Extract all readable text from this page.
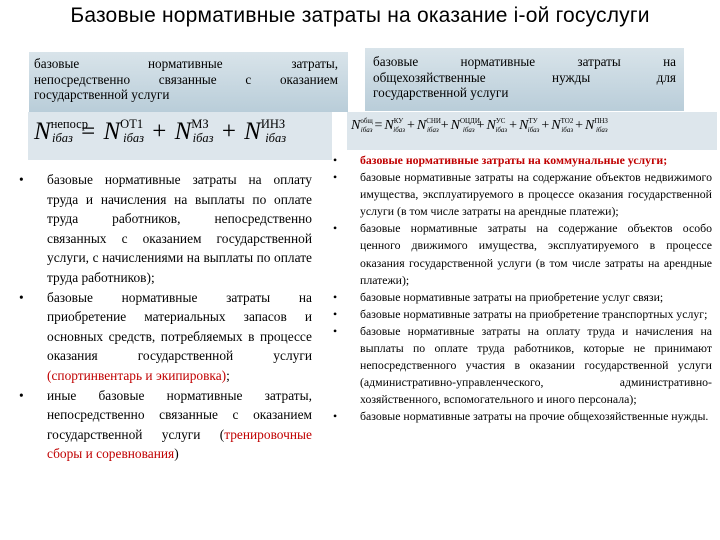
Базовые нормативные затраты на оказание i-ой госуслуги
базовые нормативные затраты,
непосредственно связанные с оказанием
государственной услуги
базовые нормативные затраты на
общехозяйственные нужды для
государственной услуги
$N^{непоср}iбаз$ = $N^{ОТ1}iбаз$ + $N^{МЗ}iбаз$ + $N^{ИНЗ}iбаз$
$N^{общ}iбаз$ = $N^{КУ}iбаз$ + $N^{СНИ}iбаз$ + $N^{ОЦДИ}iбаз$ + $N^{УС}iбаз$ + $N^{ТУ}iбаз$ + $N^{ТО2}iбаз$ + $N^{ПНЗ}iбаз$
• базовые нормативные затраты на оплату труда и начисления на выплаты по оплате труда работников, непосредственно связанных с оказанием государственной услуги, с начислениями на выплаты по оплате труда работников);
• базовые нормативные затраты на приобретение материальных запасов и основных средств, потребляемых в процессе оказания государственной услуги (спортинвентарь и экипировка);
• иные базовые нормативные затраты, непосредственно связанные с оказанием государственной услуги (тренировочные сборы и соревнования)
• базовые нормативные затраты на коммунальные услуги;
• базовые нормативные затраты на содержание объектов недвижимого имущества, эксплуатируемого в процессе оказания государственной услуги (в том числе затраты на арендные платежи);
• базовые нормативные затраты на содержание объектов особо ценного движимого имущества, эксплуатируемого в процессе оказания государственной услуги (в том числе затраты на арендные платежи);
• базовые нормативные затраты на приобретение услуг связи;
• базовые нормативные затраты на приобретение транспортных услуг;
• базовые нормативные затраты на оплату труда и начисления на выплаты по оплате труда работников, которые не принимают непосредственного участия в оказании государственной услуги (административно-управленческого, административно-хозяйственного, вспомогательного и иного персонала);
• базовые нормативные затраты на прочие общехозяйственные нужды.
